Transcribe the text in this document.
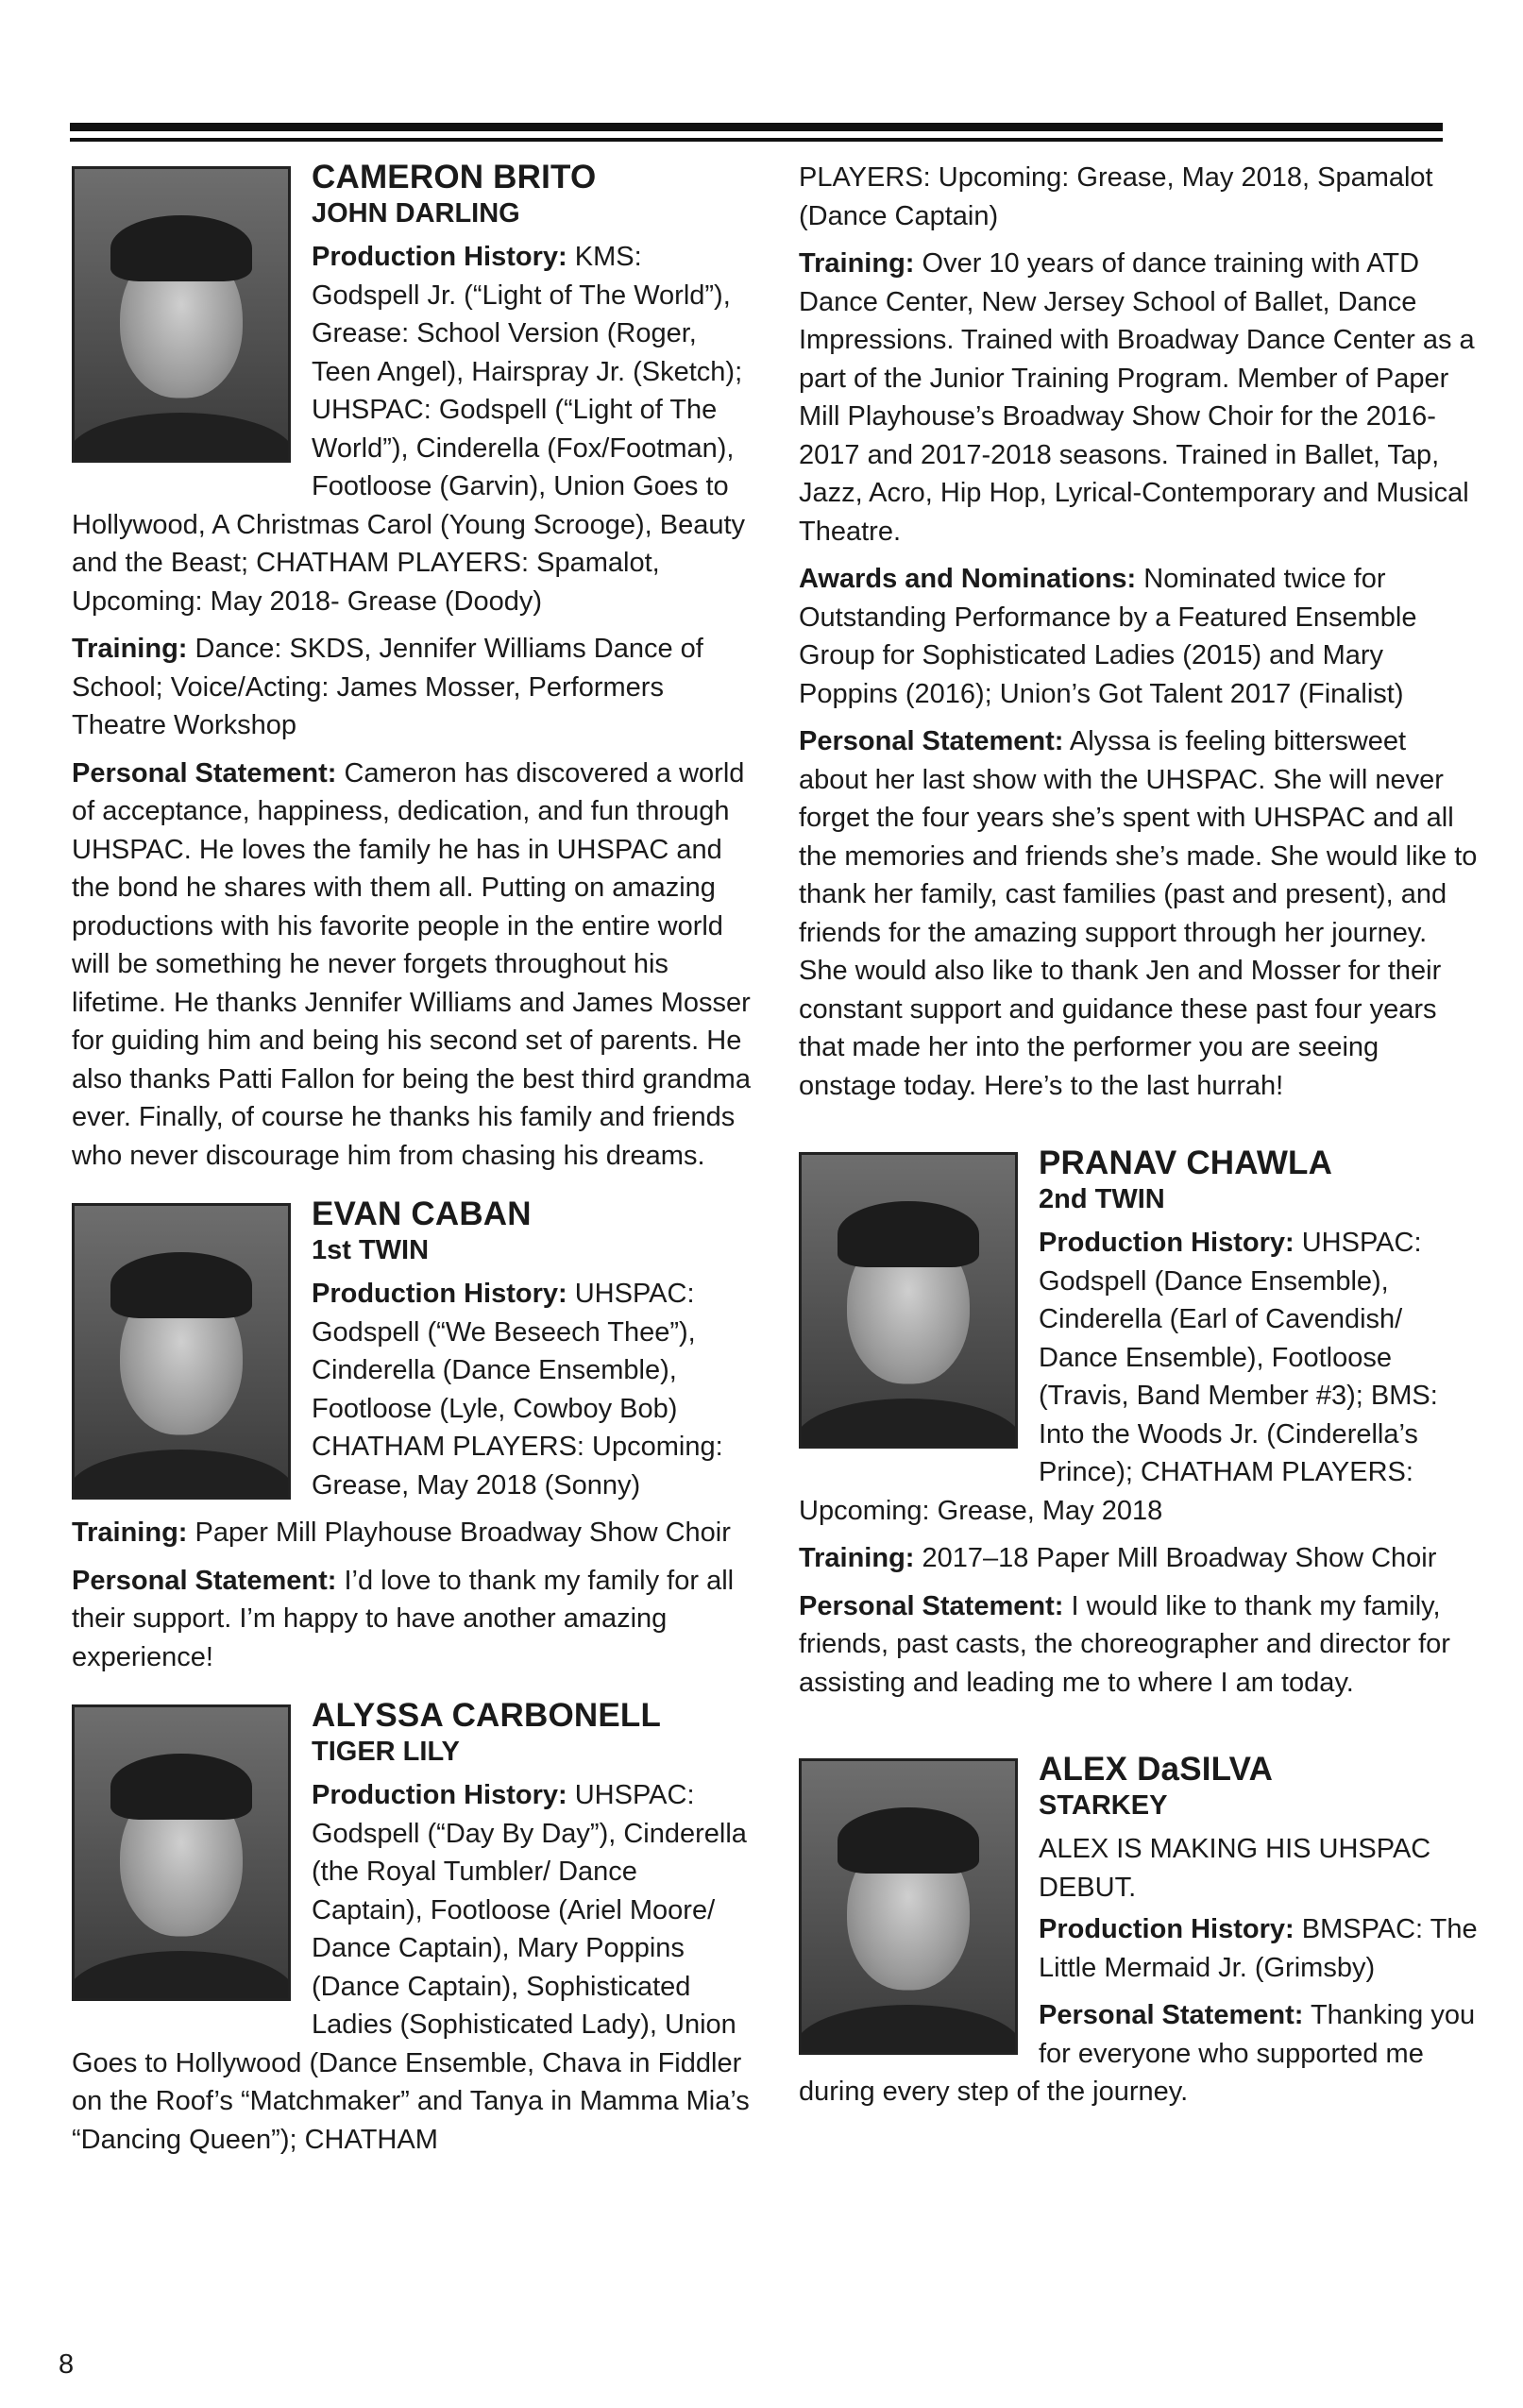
CAMERON BRITO

JOHN DARLING

Production History: KMS: Godspell Jr. (“Light of The World”), Grease: School Version (Roger, Teen Angel), Hairspray Jr. (Sketch); UHSPAC: Godspell (“Light of The World”), Cinderella (Fox/Footman), Footloose (Garvin), Union Goes to Hollywood, A Christmas Carol (Young Scrooge), Beauty and the Beast; CHATHAM PLAYERS: Spamalot, Upcoming: May 2018- Grease (Doody)

Training: Dance: SKDS, Jennifer Williams Dance of School; Voice/Acting: James Mosser, Performers Theatre Workshop

Personal Statement: Cameron has discovered a world of acceptance, happiness, dedication, and fun through UHSPAC. He loves the family he has in UHSPAC and the bond he shares with them all. Putting on amazing productions with his favorite people in the entire world will be something he never forgets throughout his lifetime. He thanks Jennifer Williams and James Mosser for guiding him and being his second set of parents. He also thanks Patti Fallon for being the best third grandma ever. Finally, of course he thanks his family and friends who never discourage him from chasing his dreams.

EVAN CABAN

1st TWIN

Production History: UHSPAC: Godspell (“We Beseech Thee”), Cinderella (Dance Ensemble), Footloose (Lyle, Cowboy Bob) CHATHAM PLAYERS: Upcoming: Grease, May 2018 (Sonny)

Training: Paper Mill Playhouse Broadway Show Choir

Personal Statement: I’d love to thank my family for all their support. I’m happy to have another amazing experience!

ALYSSA CARBONELL

TIGER LILY

Production History: UHSPAC: Godspell (“Day By Day”), Cinderella (the Royal Tumbler/ Dance Captain), Footloose (Ariel Moore/ Dance Captain), Mary Poppins (Dance Captain), Sophisticated Ladies (Sophisticated Lady), Union Goes to Hollywood (Dance Ensemble, Chava in Fiddler on the Roof’s “Matchmaker” and Tanya in Mamma Mia’s “Dancing Queen”); CHATHAM

PLAYERS: Upcoming: Grease, May 2018, Spamalot (Dance Captain)

Training: Over 10 years of dance training with ATD Dance Center, New Jersey School of Ballet, Dance Impressions. Trained with Broadway Dance Center as a part of the Junior Training Program. Member of Paper Mill Playhouse’s Broadway Show Choir for the 2016-2017 and 2017-2018 seasons. Trained in Ballet, Tap, Jazz, Acro, Hip Hop, Lyrical-Contemporary and Musical Theatre.

Awards and Nominations: Nominated twice for Outstanding Performance by a Featured Ensemble Group for Sophisticated Ladies (2015) and Mary Poppins (2016); Union’s Got Talent 2017 (Finalist)

Personal Statement: Alyssa is feeling bittersweet about her last show with the UHSPAC. She will never forget the four years she’s spent with UHSPAC and all the memories and friends she’s made. She would like to thank her family, cast families (past and present), and friends for the amazing support through her journey. She would also like to thank Jen and Mosser for their constant support and guidance these past four years that made her into the performer you are seeing onstage today. Here’s to the last hurrah!

PRANAV CHAWLA

2nd TWIN

Production History: UHSPAC: Godspell (Dance Ensemble), Cinderella (Earl of Cavendish/ Dance Ensemble), Footloose (Travis, Band Member #3); BMS: Into the Woods Jr. (Cinderella’s Prince); CHATHAM PLAYERS: Upcoming: Grease, May 2018

Training: 2017–18 Paper Mill Broadway Show Choir

Personal Statement: I would like to thank my family, friends, past casts, the choreographer and director for assisting and leading me to where I am today.

ALEX DaSILVA

STARKEY

ALEX IS MAKING HIS UHSPAC DEBUT.

Production History: BMSPAC: The Little Mermaid Jr. (Grimsby)

Personal Statement: Thanking you for everyone who supported me during every step of the journey.

8
